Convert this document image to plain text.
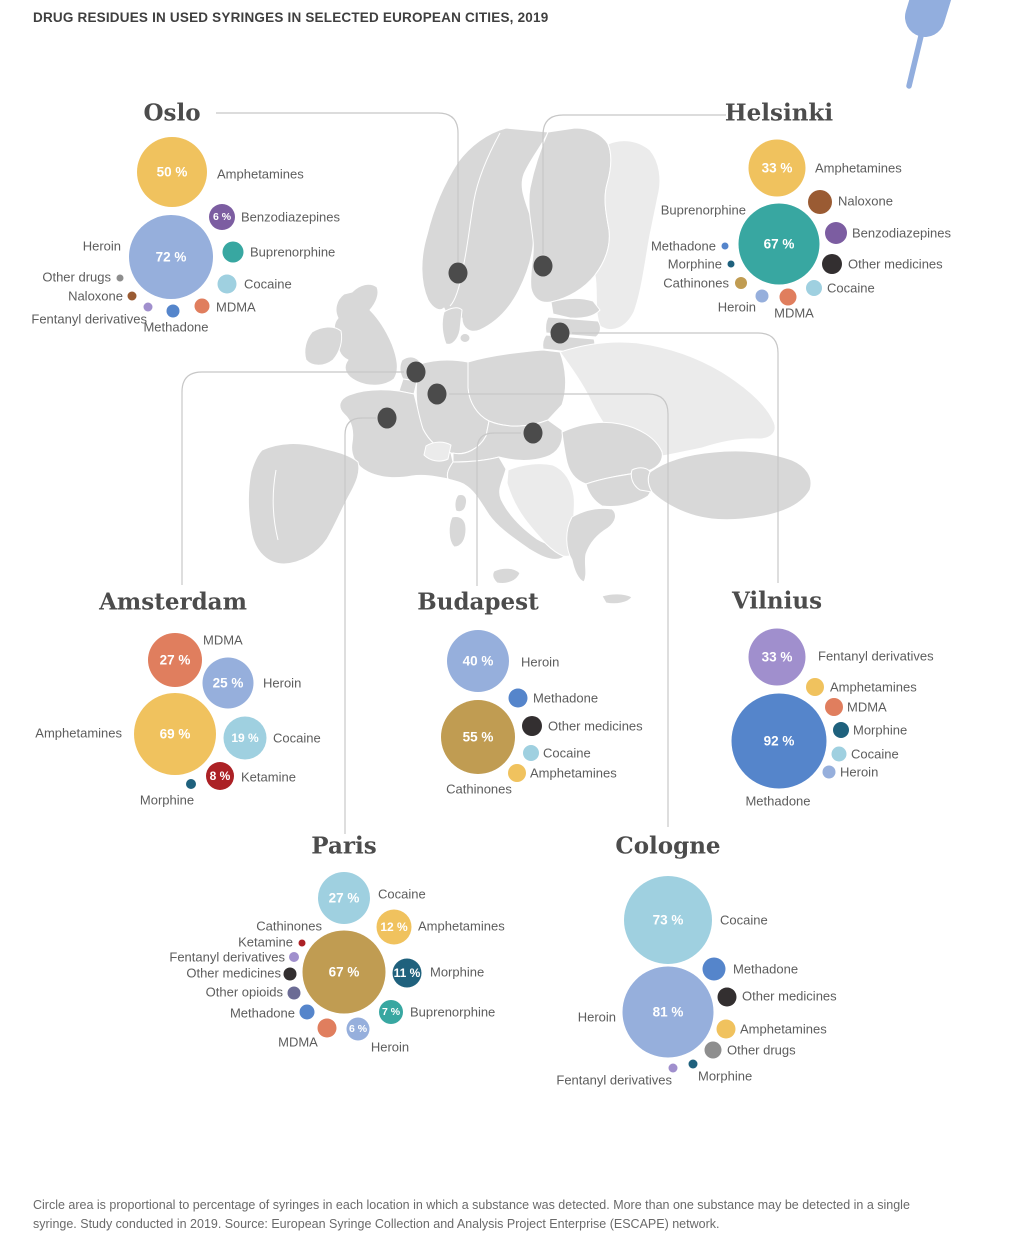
DRUG RESIDUES IN USED SYRINGES IN SELECTED EUROPEAN CITIES, 2019
Oslo
50 % Amphetamines
6 % Benzodiazepines
72 %
Heroin	Buprenorphine
Cocaine
MDMA
Methadone
Fentanyl derivatives
Naloxone
Other drugs
Helsinki
33 % Amphetamines
Naloxone
67 %
Buprenorphine
Benzodiazepines
Methadone
Morphine	Other medicines
Cathinones	Cocaine
Heroin MDMA
Amsterdam
27 %
MDMA
25 % Heroin
69 %
Amphetamines	19 % Cocaine
8 % Ketamine
Morphine
Budapest
40 % Heroin
Methadone
55 %
Cathinones
Other medicines
Cocaine
Amphetamines
Vilnius
33 % Fentanyl derivatives
Amphetamines
MDMA
92 %
Methadone
Morphine
Cocaine
Heroin
Paris
27 % Cocaine
12 % Amphetamines
67 %
Cathinones
Ketamine
Fentanyl derivatives
Other medicines
Other opioids
Methadone
MDMA
6 %
Heroin
11 % Morphine
7 % Buprenorphine
Cologne
73 %	Cocaine
Methadone
81 %
Heroin
Other medicines
Amphetamines
Other drugs
Morphine
Fentanyl derivatives
Circle area is proportional to percentage of syringes in each location in which a substance was detected. More than one substance may be detected in a single syringe. Study conducted in 2019. Source: European Syringe Collection and Analysis Project Enterprise (ESCAPE) network.
